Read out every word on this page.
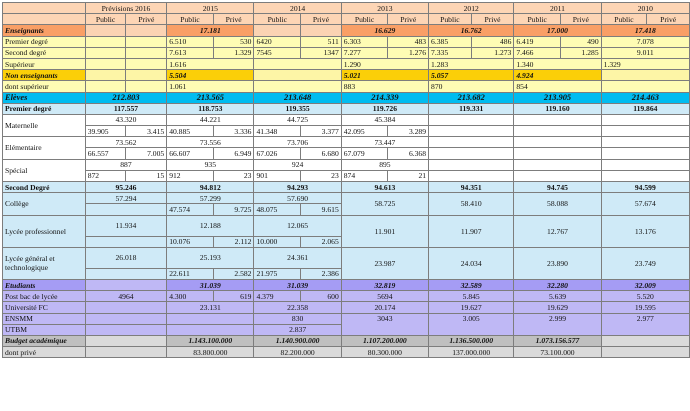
	Prévisions 2016		2015		2014		2013		2012		2011		2010	
	Public	Privé	Public	Privé	Public	Privé	Public	Privé	Public	Privé	Public	Privé	Public	Privé
Enseignants			17.181				16.629		16.762		17.000		17.418	
Premier degré			6.510	530	6420	511	6.303	483	6.385	486	6.419	490	7.078	
Second degré			7.613	1.329	7545	1347	7.277	1.276	7.335	1.273	7.466	1.285	9.011	
Supérieur			1.616				1.290		1.283		1.340		1.329	
Non enseignants			5.504				5.021		5.057		4.924			
dont supérieur			1.061				883		870		854			
Elèves	212.803		213.565		213.648		214.339		213.682		213.905		214.463	
Premier degré	117.557		118.753		119.355		119.726		119.331		119.160		119.864	
Maternelle	43.320		44.221		44.725		45.384							
	39.905	3.415	40.885	3.336	41.348	3.377	42.095	3.289						
Elémentaire	73.562		73.556		73.706		73.447							
	66.557	7.005	66.607	6.949	67.026	6.680	67.079	6.368						
Spécial	887		935		924		895							
	872	15	912	23	901	23	874	21						
Second Degré	95.246		94.812		94.293		94.613		94.351		94.745		94.599	
Collège	57.294		57.299		57.690		58.725		58.410		58.088		57.674	
			47.574	9.725	48.075	9.615								
Lycée professionnel	11.934		12.188		12.065		11.901		11.907		12.767		13.176	
			10.076	2.112	10.000	2.065								
Lycée général et technologique	26.018		25.193		24.361		23.987		24.034		23.890		23.749	
			22.611	2.582	21.975	2.386								
Etudiants			31.039		31.039		32.819		32.589		32.280		32.009	
Post bac de lycée	4964		4.300	619	4.379	600	5694		5.845		5.639		5.520	
Université FC			23.131		22.358		20.174		19.627		19.629		19.595	
ENSMM					830		3043		3.005		2.999		2.977	
UTBM					2.837									
Budget académique			1.143.100.000		1.140.900.000		1.107.200.000		1.136.500.000		1.073.156.577			
dont privé			83.800.000		82.200.000		80.300.000		137.000.000		73.100.000			
